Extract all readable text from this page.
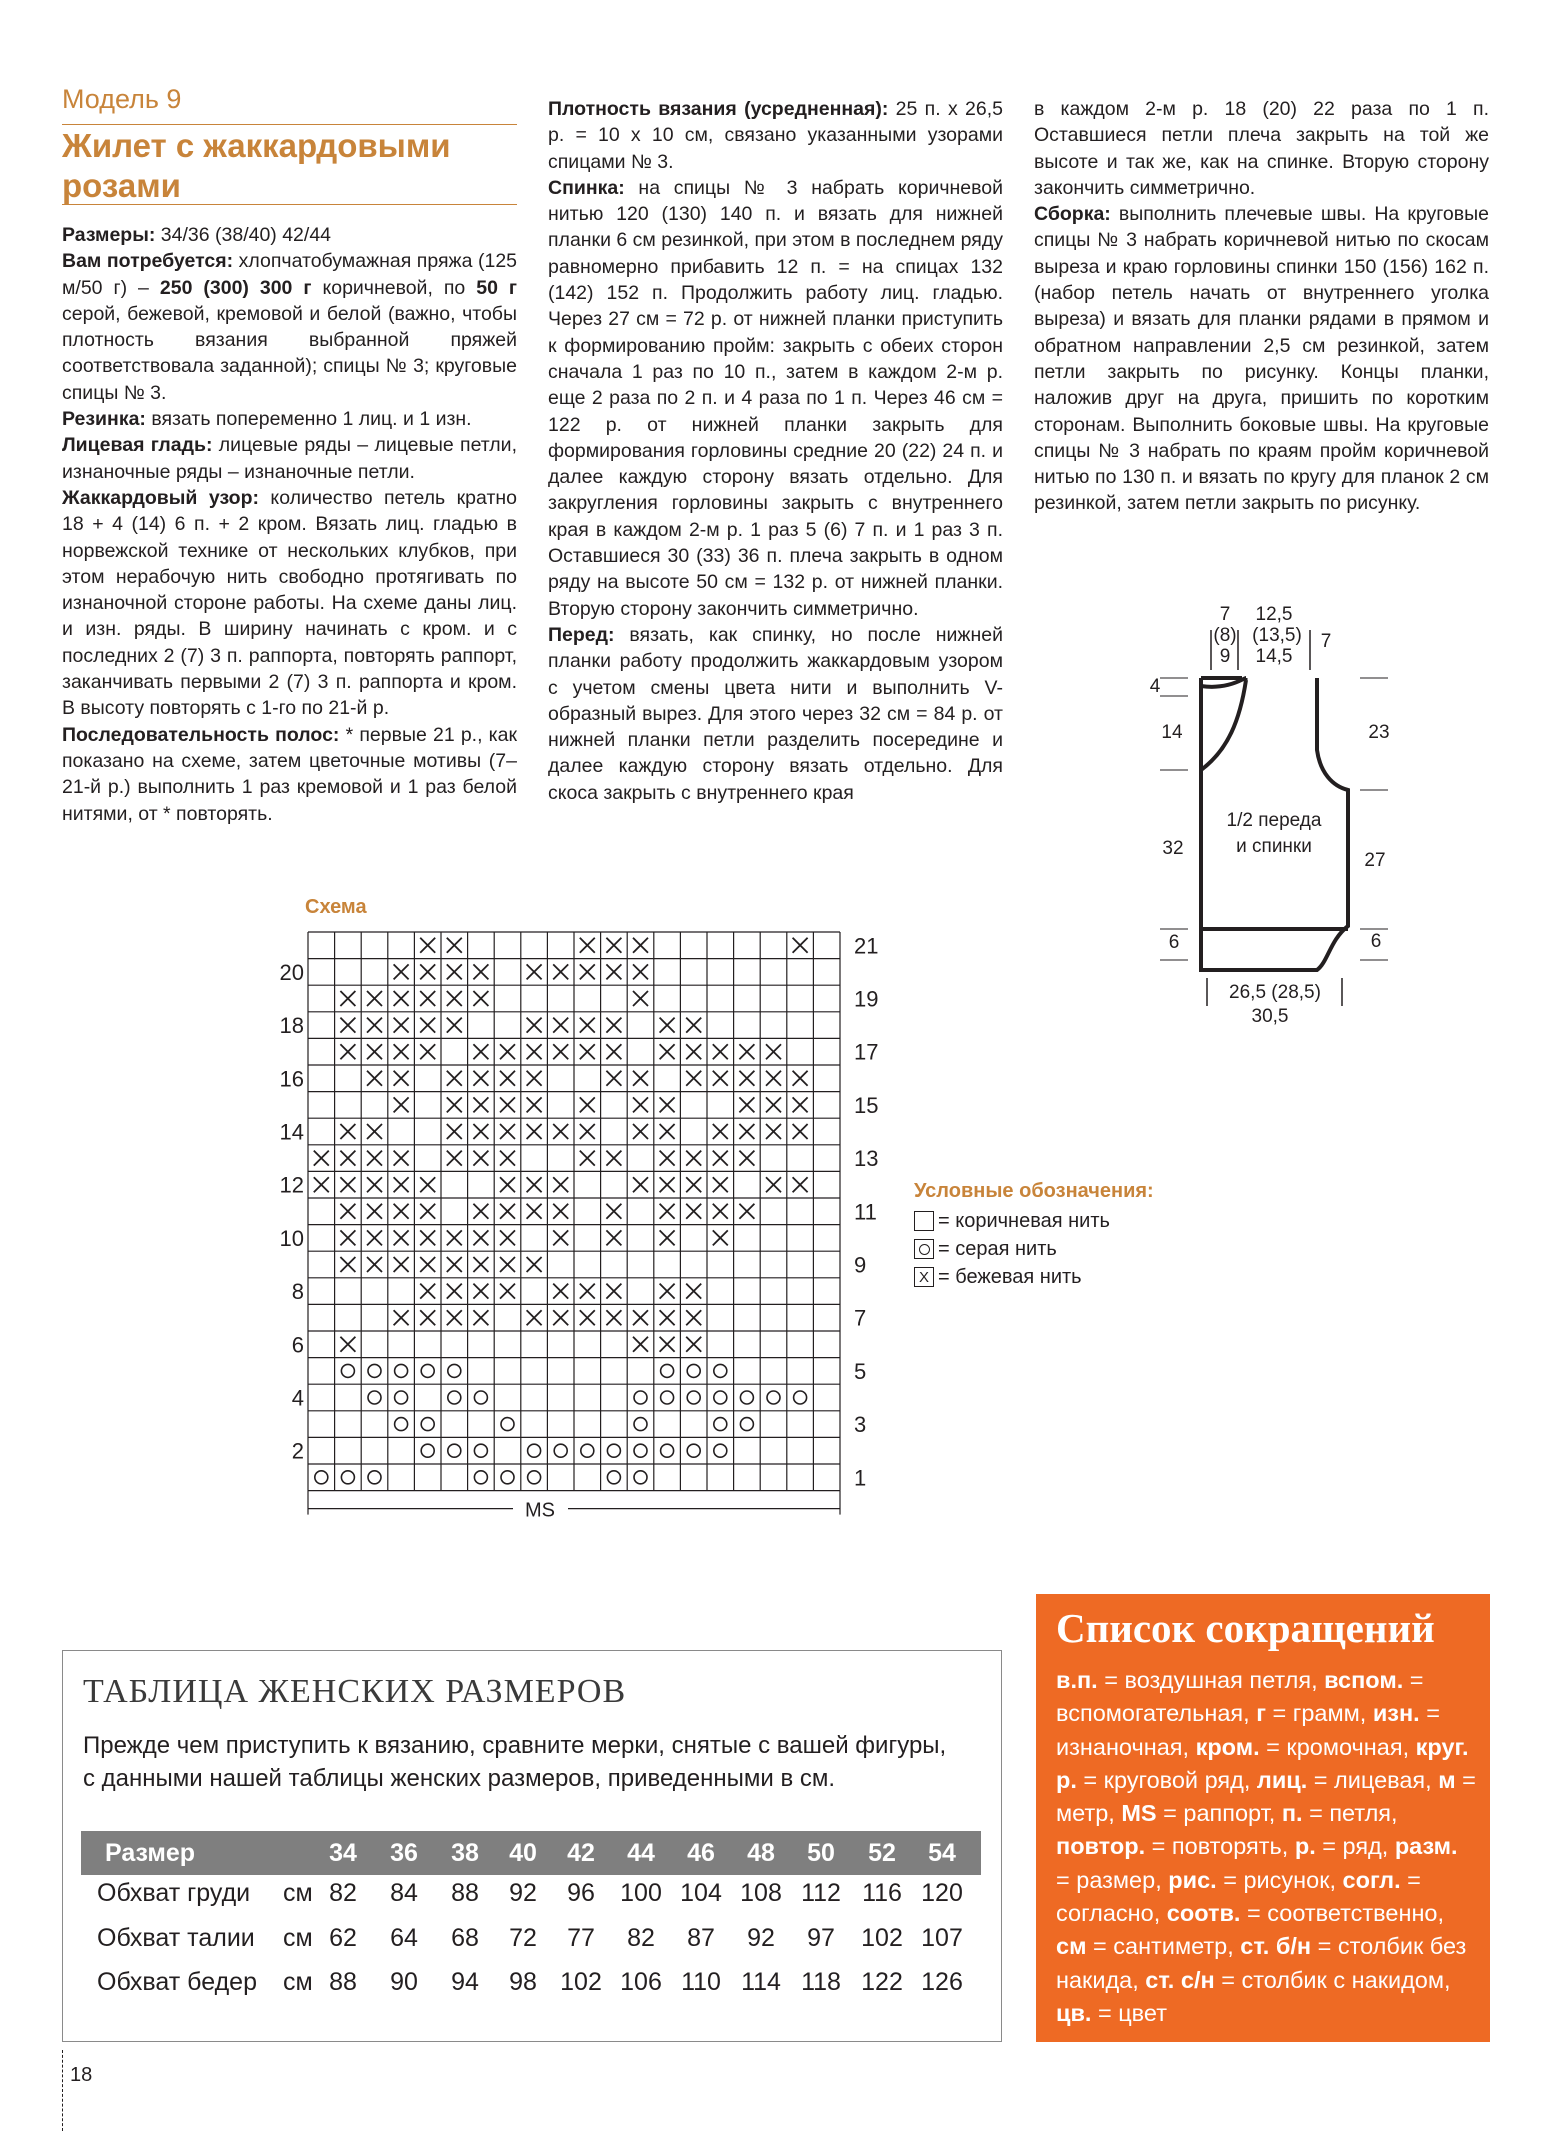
Модель 9
Жилет с жаккардовыми
розами

Размеры: 34/36 (38/40) 42/44

Вам потребуется: хлопчатобумажная пряжа (125 м/50 г) – 250 (300) 300 г коричневой, по 50 г серой, бежевой, кремовой и белой (важно, чтобы плотность вязания выбранной пряжей соответствовала заданной); спицы № 3; круговые спицы № 3.

Резинка: вязать попеременно 1 лиц. и 1 изн.

Лицевая гладь: лицевые ряды – лицевые петли, изнаночные ряды – изнаночные петли.

Жаккардовый узор: количество петель кратно 18 + 4 (14) 6 п. + 2 кром. Вязать лиц. гладью в норвежской технике от нескольких клубков, при этом нерабочую нить свободно протягивать по изнаночной стороне работы. На схеме даны лиц. и изн. ряды. В ширину начинать с кром. и с последних 2 (7) 3 п. раппорта, повторять раппорт, заканчивать первыми 2 (7) 3 п. раппорта и кром. В высоту повторять с 1-го по 21-й р.

Последовательность полос: * первые 21 р., как показано на схеме, затем цветочные мотивы (7–21-й р.) выполнить 1 раз кремовой и 1 раз белой нитями, от * повторять.

Плотность вязания (усредненная): 25 п. х 26,5 р. = 10 х 10 см, связано указанными узорами спицами № 3.

Спинка: на спицы № 3 набрать коричневой нитью 120 (130) 140 п. и вязать для нижней планки 6 см резинкой, при этом в последнем ряду равномерно прибавить 12 п. = на спицах 132 (142) 152 п. Продолжить работу лиц. гладью. Через 27 см = 72 р. от нижней планки приступить к формированию пройм: закрыть с обеих сторон сначала 1 раз по 10 п., затем в каждом 2-м р. еще 2 раза по 2 п. и 4 раза по 1 п. Через 46 см = 122 р. от нижней планки закрыть для формирования горловины средние 20 (22) 24 п. и далее каждую сторону вязать отдельно. Для закругления горловины закрыть с внутреннего края в каждом 2-м р. 1 раз 5 (6) 7 п. и 1 раз 3 п. Оставшиеся 30 (33) 36 п. плеча закрыть в одном ряду на высоте 50 см = 132 р. от нижней планки. Вторую сторону закончить симметрично.

Перед: вязать, как спинку, но после нижней планки работу продолжить жаккардовым узором с учетом смены цвета нити и выполнить V-образный вырез. Для этого через 32 см = 84 р. от нижней планки петли разделить посередине и далее каждую сторону вязать отдельно. Для скоса закрыть с внутреннего края

в каждом 2-м р. 18 (20) 22 раза по 1 п. Оставшиеся петли плеча закрыть на той же высоте и так же, как на спинке. Вторую сторону закончить симметрично.

Сборка: выполнить плечевые швы. На круговые спицы № 3 набрать коричневой нитью по скосам выреза и краю горловины спинки 150 (156) 162 п. (набор петель начать от внутреннего уголка выреза) и вязать для планки рядами в прямом и обратном направлении 2,5 см резинкой, затем петли закрыть по рисунку. Концы планки, наложив друг на друга, пришить по коротким сторонам. Выполнить боковые швы. На круговые спицы № 3 набрать по краям пройм коричневой нитью по 130 п. и вязать по кругу для планок 2 см резинкой, затем петли закрыть по рисунку.

7 12,5
(8) (13,5) 7
9 14,5
4
14
32
6
23
27
6
1/2 переда
и спинки
26,5 (28,5)
30,5
Схема
21
19
17
15
13
11
9
7
5
3
1
20
18
16
14
12
10
8
6
4
2
MS
Условные обозначения:
= коричневая нить
= серая нить
X = бежевая нить
ТАБЛИЦА ЖЕНСКИХ РАЗМЕРОВ
Прежде чем приступить к вязанию, сравните мерки, снятые с вашей фигуры,
с данными нашей таблицы женских размеров, приведенными в см.
Размер	34	36	38	40	42	44	46	48	50	52	54
Обхват груди см 82	84	88	92	96	100 104 108 112 116 120
Обхват талии см 62	64	68	72	77	82	87	92	97	102 107
Обхват бедер см 88	90	94	98 102 106 110 114 118 122 126
Список сокращений
в.п. = воздушная петля, вспом. = вспомогательная, г = грамм, изн. = изнаночная, кром. = кромочная, круг. р. = круговой ряд, лиц. = лицевая, м = метр, MS = раппорт, п. = петля, повтор. = повторять, р. = ряд, разм. = размер, рис. = рисунок, согл. = согласно, соотв. = соответственно, см = сантиметр, ст. б/н = столбик без накида, ст. с/н = столбик с накидом, цв. = цвет
18
